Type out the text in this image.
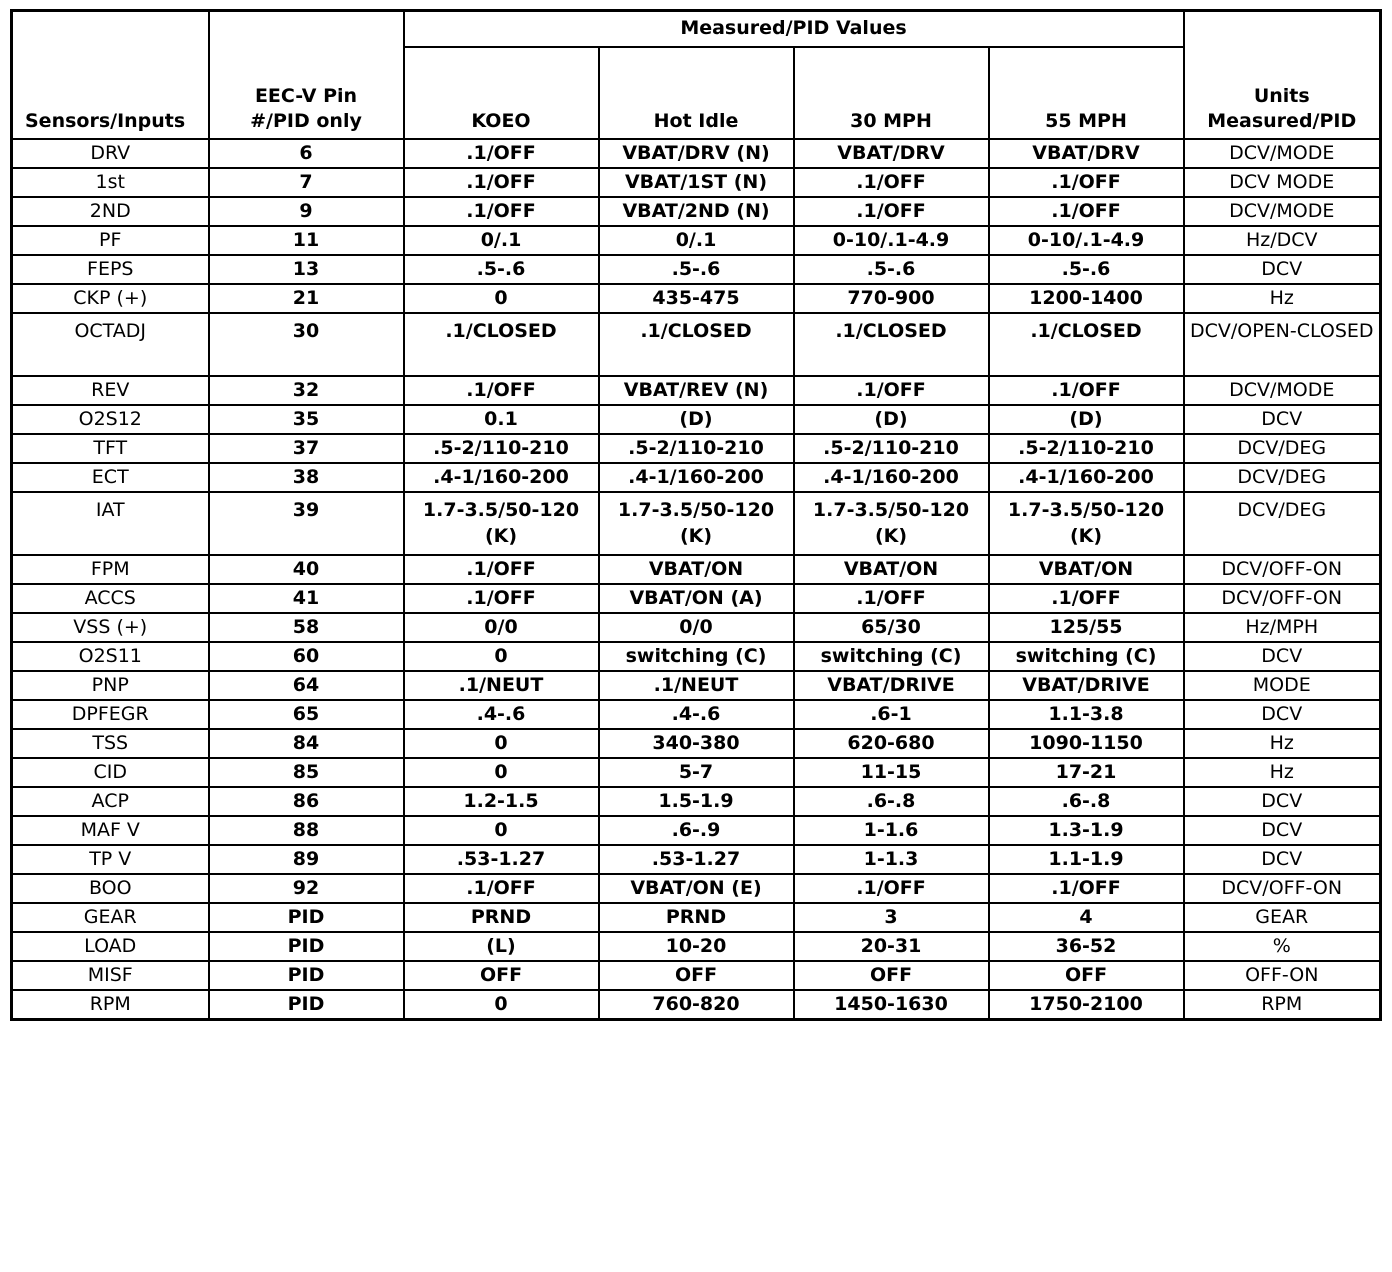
Sensors/Inputs	EEC-V Pin #/PID only	Measured/PID Values				Units Measured/PID
		KOEO	Hot Idle	30 MPH	55 MPH	
DRV	6	.1/OFF	VBAT/DRV (N)	VBAT/DRV	VBAT/DRV	DCV/MODE
1st	7	.1/OFF	VBAT/1ST (N)	.1/OFF	.1/OFF	DCV MODE
2ND	9	.1/OFF	VBAT/2ND (N)	.1/OFF	.1/OFF	DCV/MODE
PF	11	0/.1	0/.1	0-10/.1-4.9	0-10/.1-4.9	Hz/DCV
FEPS	13	.5-.6	.5-.6	.5-.6	.5-.6	DCV
CKP (+)	21	0	435-475	770-900	1200-1400	Hz
OCTADJ	30	.1/CLOSED	.1/CLOSED	.1/CLOSED	.1/CLOSED	DCV/OPEN-CLOSED
REV	32	.1/OFF	VBAT/REV (N)	.1/OFF	.1/OFF	DCV/MODE
O2S12	35	0.1	(D)	(D)	(D)	DCV
TFT	37	.5-2/110-210	.5-2/110-210	.5-2/110-210	.5-2/110-210	DCV/DEG
ECT	38	.4-1/160-200	.4-1/160-200	.4-1/160-200	.4-1/160-200	DCV/DEG
IAT	39	1.7-3.5/50-120 (K)	1.7-3.5/50-120 (K)	1.7-3.5/50-120 (K)	1.7-3.5/50-120 (K)	DCV/DEG
FPM	40	.1/OFF	VBAT/ON	VBAT/ON	VBAT/ON	DCV/OFF-ON
ACCS	41	.1/OFF	VBAT/ON (A)	.1/OFF	.1/OFF	DCV/OFF-ON
VSS (+)	58	0/0	0/0	65/30	125/55	Hz/MPH
O2S11	60	0	switching (C)	switching (C)	switching (C)	DCV
PNP	64	.1/NEUT	.1/NEUT	VBAT/DRIVE	VBAT/DRIVE	MODE
DPFEGR	65	.4-.6	.4-.6	.6-1	1.1-3.8	DCV
TSS	84	0	340-380	620-680	1090-1150	Hz
CID	85	0	5-7	11-15	17-21	Hz
ACP	86	1.2-1.5	1.5-1.9	.6-.8	.6-.8	DCV
MAF V	88	0	.6-.9	1-1.6	1.3-1.9	DCV
TP V	89	.53-1.27	.53-1.27	1-1.3	1.1-1.9	DCV
BOO	92	.1/OFF	VBAT/ON (E)	.1/OFF	.1/OFF	DCV/OFF-ON
GEAR	PID	PRND	PRND	3	4	GEAR
LOAD	PID	(L)	10-20	20-31	36-52	%
MISF	PID	OFF	OFF	OFF	OFF	OFF-ON
RPM	PID	0	760-820	1450-1630	1750-2100	RPM
